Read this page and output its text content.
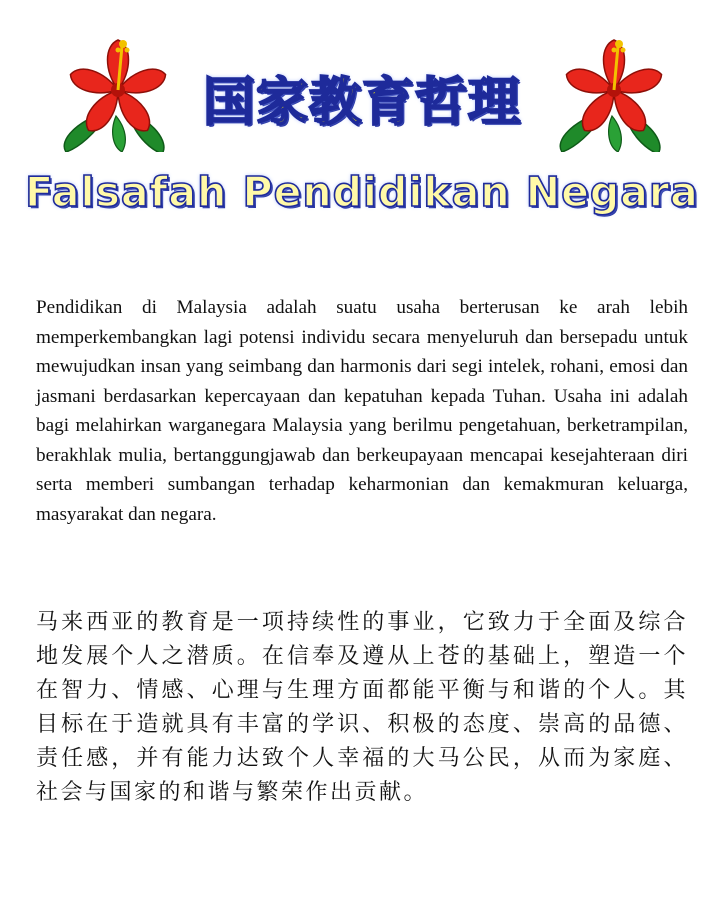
国家教育哲理
Falsafah Pendidikan Negara

Pendidikan di Malaysia adalah suatu usaha berterusan ke arah lebih memperkembangkan lagi potensi individu secara menyeluruh dan bersepadu untuk mewujudkan insan yang seimbang dan harmonis dari segi intelek, rohani, emosi dan jasmani berdasarkan kepercayaan dan kepatuhan kepada Tuhan. Usaha ini adalah bagi melahirkan warganegara Malaysia yang berilmu pengetahuan, berketrampilan, berakhlak mulia, bertanggungjawab dan berkeupayaan mencapai kesejahteraan diri serta memberi sumbangan terhadap keharmonian dan kemakmuran keluarga, masyarakat dan negara.

马来西亚的教育是一项持续性的事业，它致力于全面及综合地发展个人之潜质。在信奉及遵从上苍的基础上，塑造一个在智力、情感、心理与生理方面都能平衡与和谐的个人。其目标在于造就具有丰富的学识、积极的态度、崇高的品德、责任感，并有能力达致个人幸福的大马公民，从而为家庭、社会与国家的和谐与繁荣作出贡献。
